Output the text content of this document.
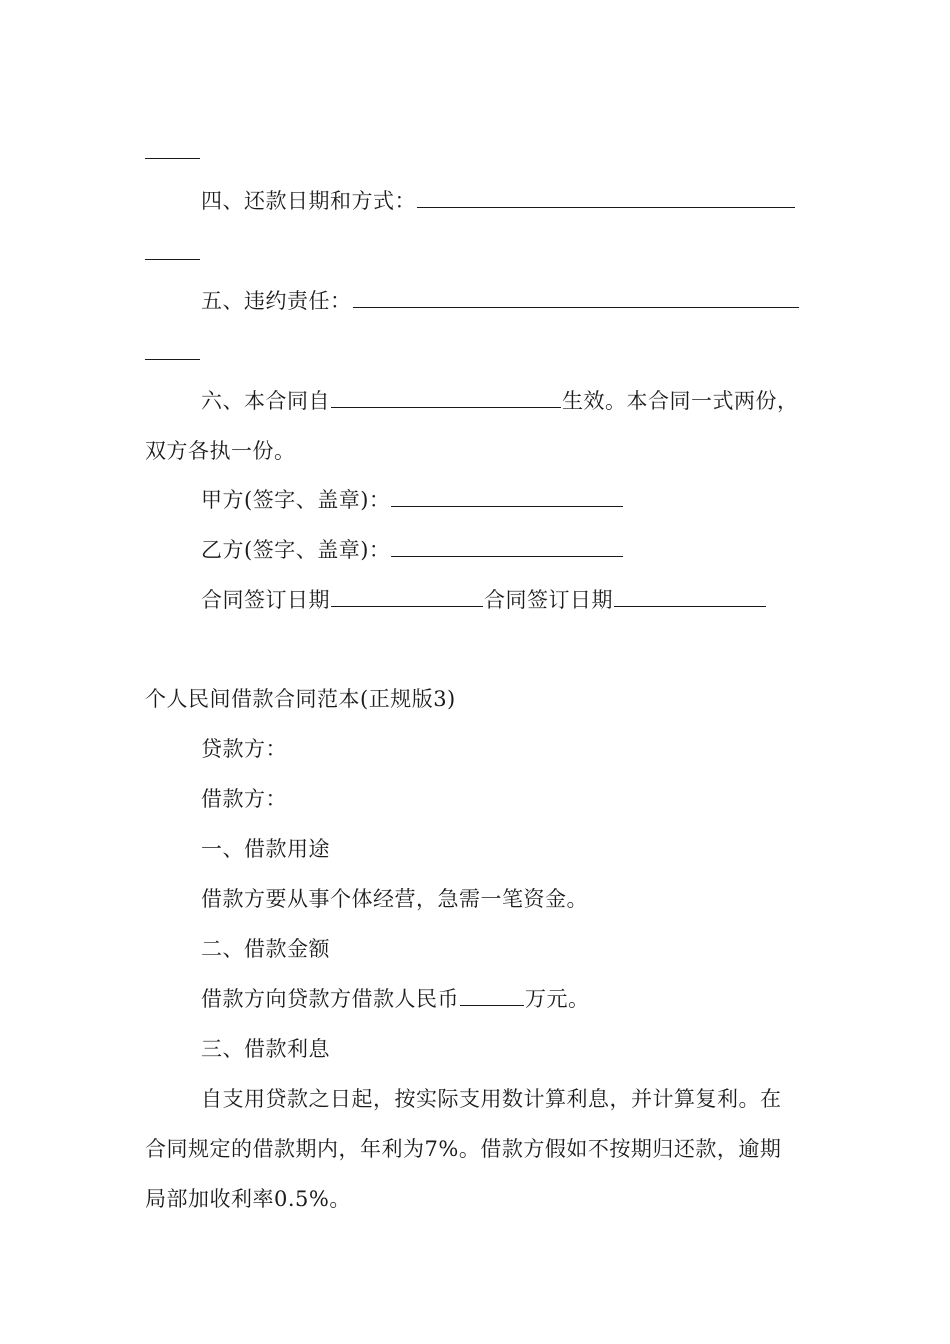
四、还款日期和方式：
五、违约责任：
六、本合同自	生效。本合同一式两份，
双方各执一份。
甲方(签字、盖章)：
乙方(签字、盖章)：
合同签订日期	合同签订日期
个人民间借款合同范本(正规版3)
贷款方：
借款方：
一、借款用途
借款方要从事个体经营，急需一笔资金。
二、借款金额
借款方向贷款方借款人民币	万元。
三、借款利息
自支用贷款之日起，按实际支用数计算利息，并计算复利。在
合同规定的借款期内，年利为7%。借款方假如不按期归还款，逾期
局部加收利率0.5%。
